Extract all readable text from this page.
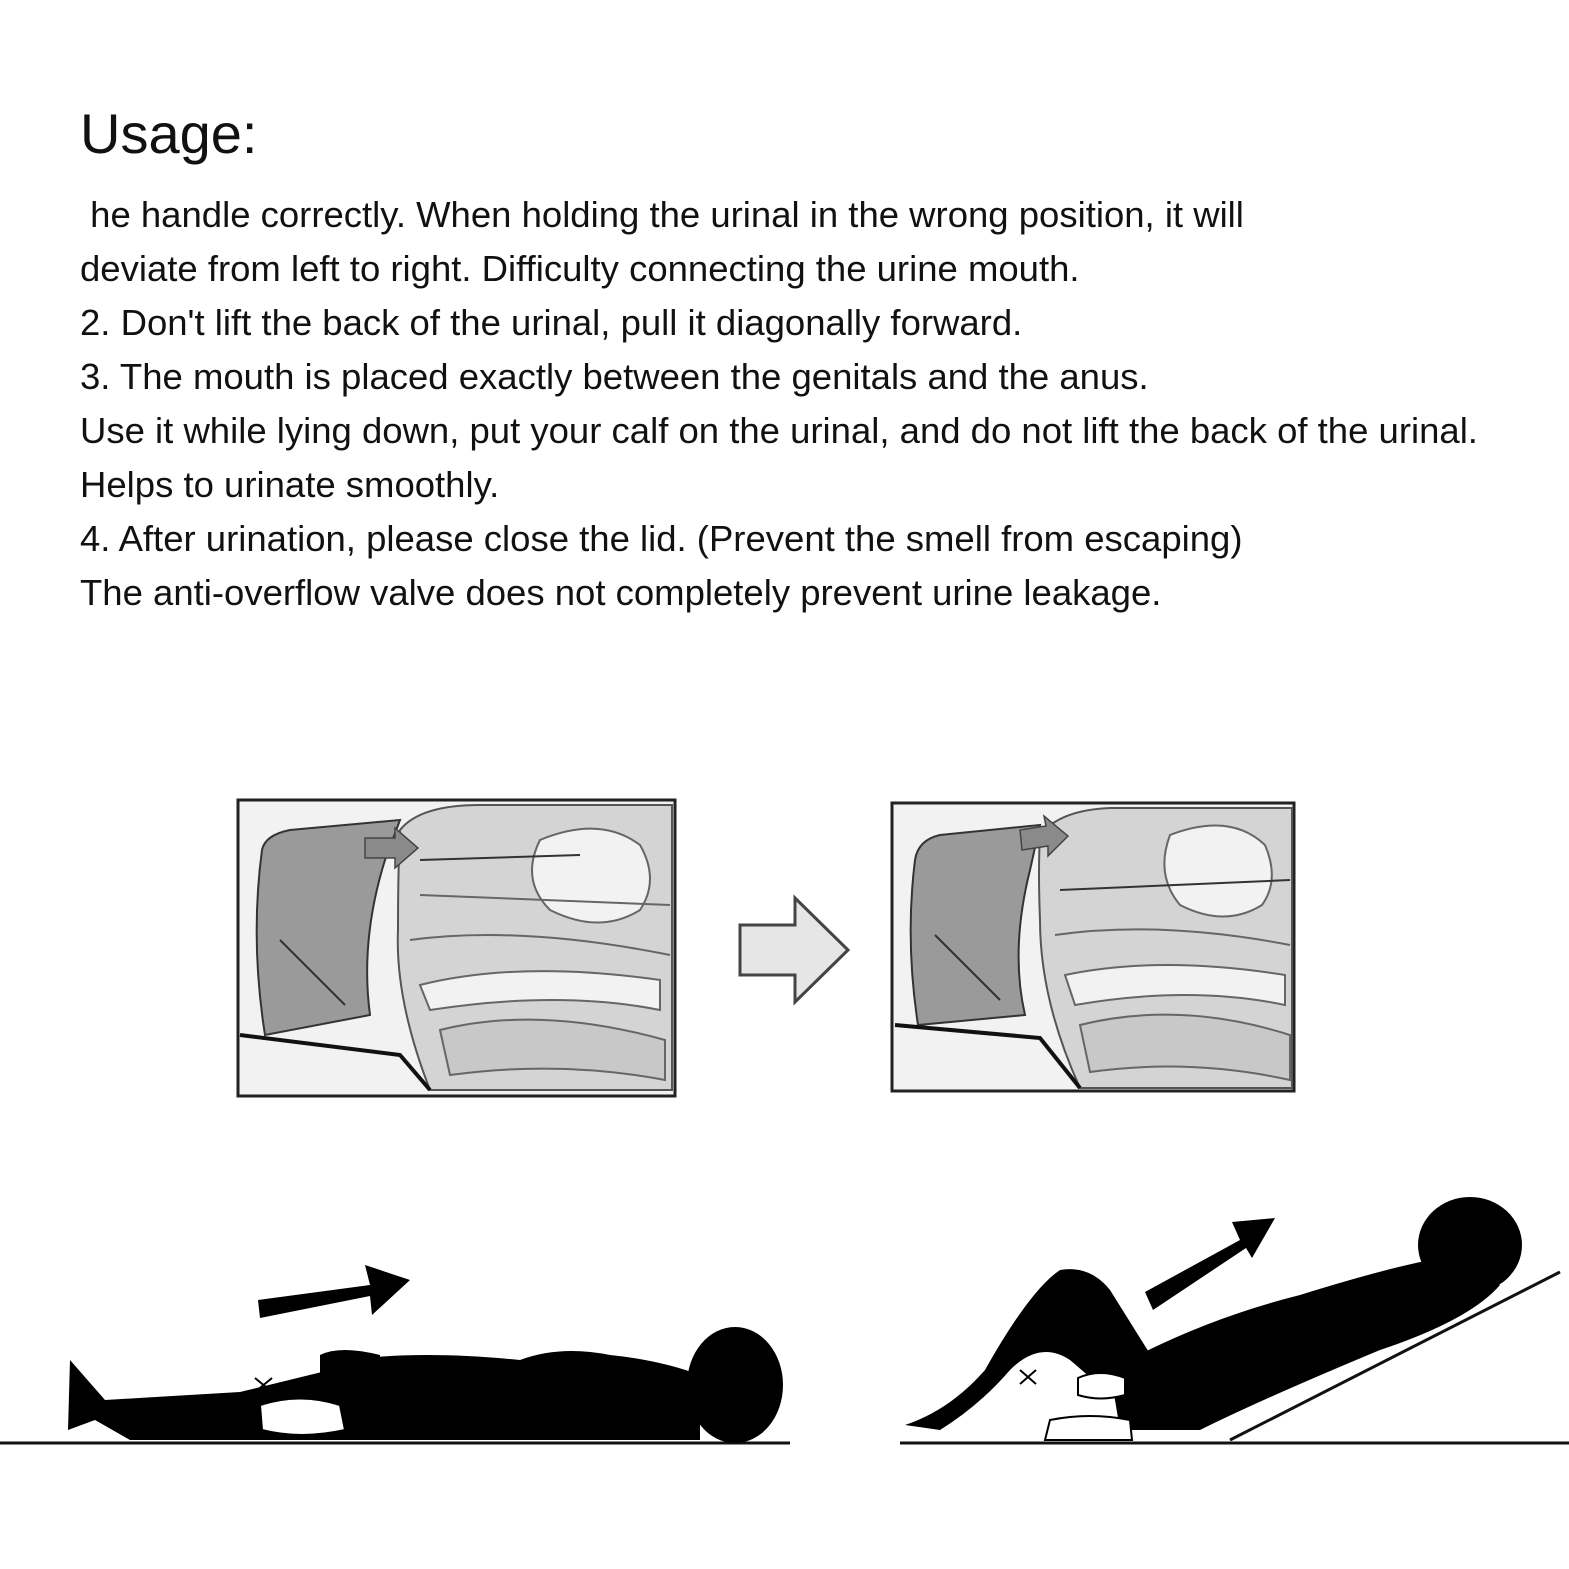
Usage:
he handle correctly. When holding the urinal in the wrong position, it will
deviate from left to right. Difficulty connecting the urine mouth.
2. Don't lift the back of the urinal, pull it diagonally forward.
3. The mouth is placed exactly between the genitals and the anus.
Use it while lying down, put your calf on the urinal, and do not lift the back of the urinal.
Helps to urinate smoothly.
4. After urination, please close the lid. (Prevent the smell from escaping)
The anti-overflow valve does not completely prevent urine leakage.
